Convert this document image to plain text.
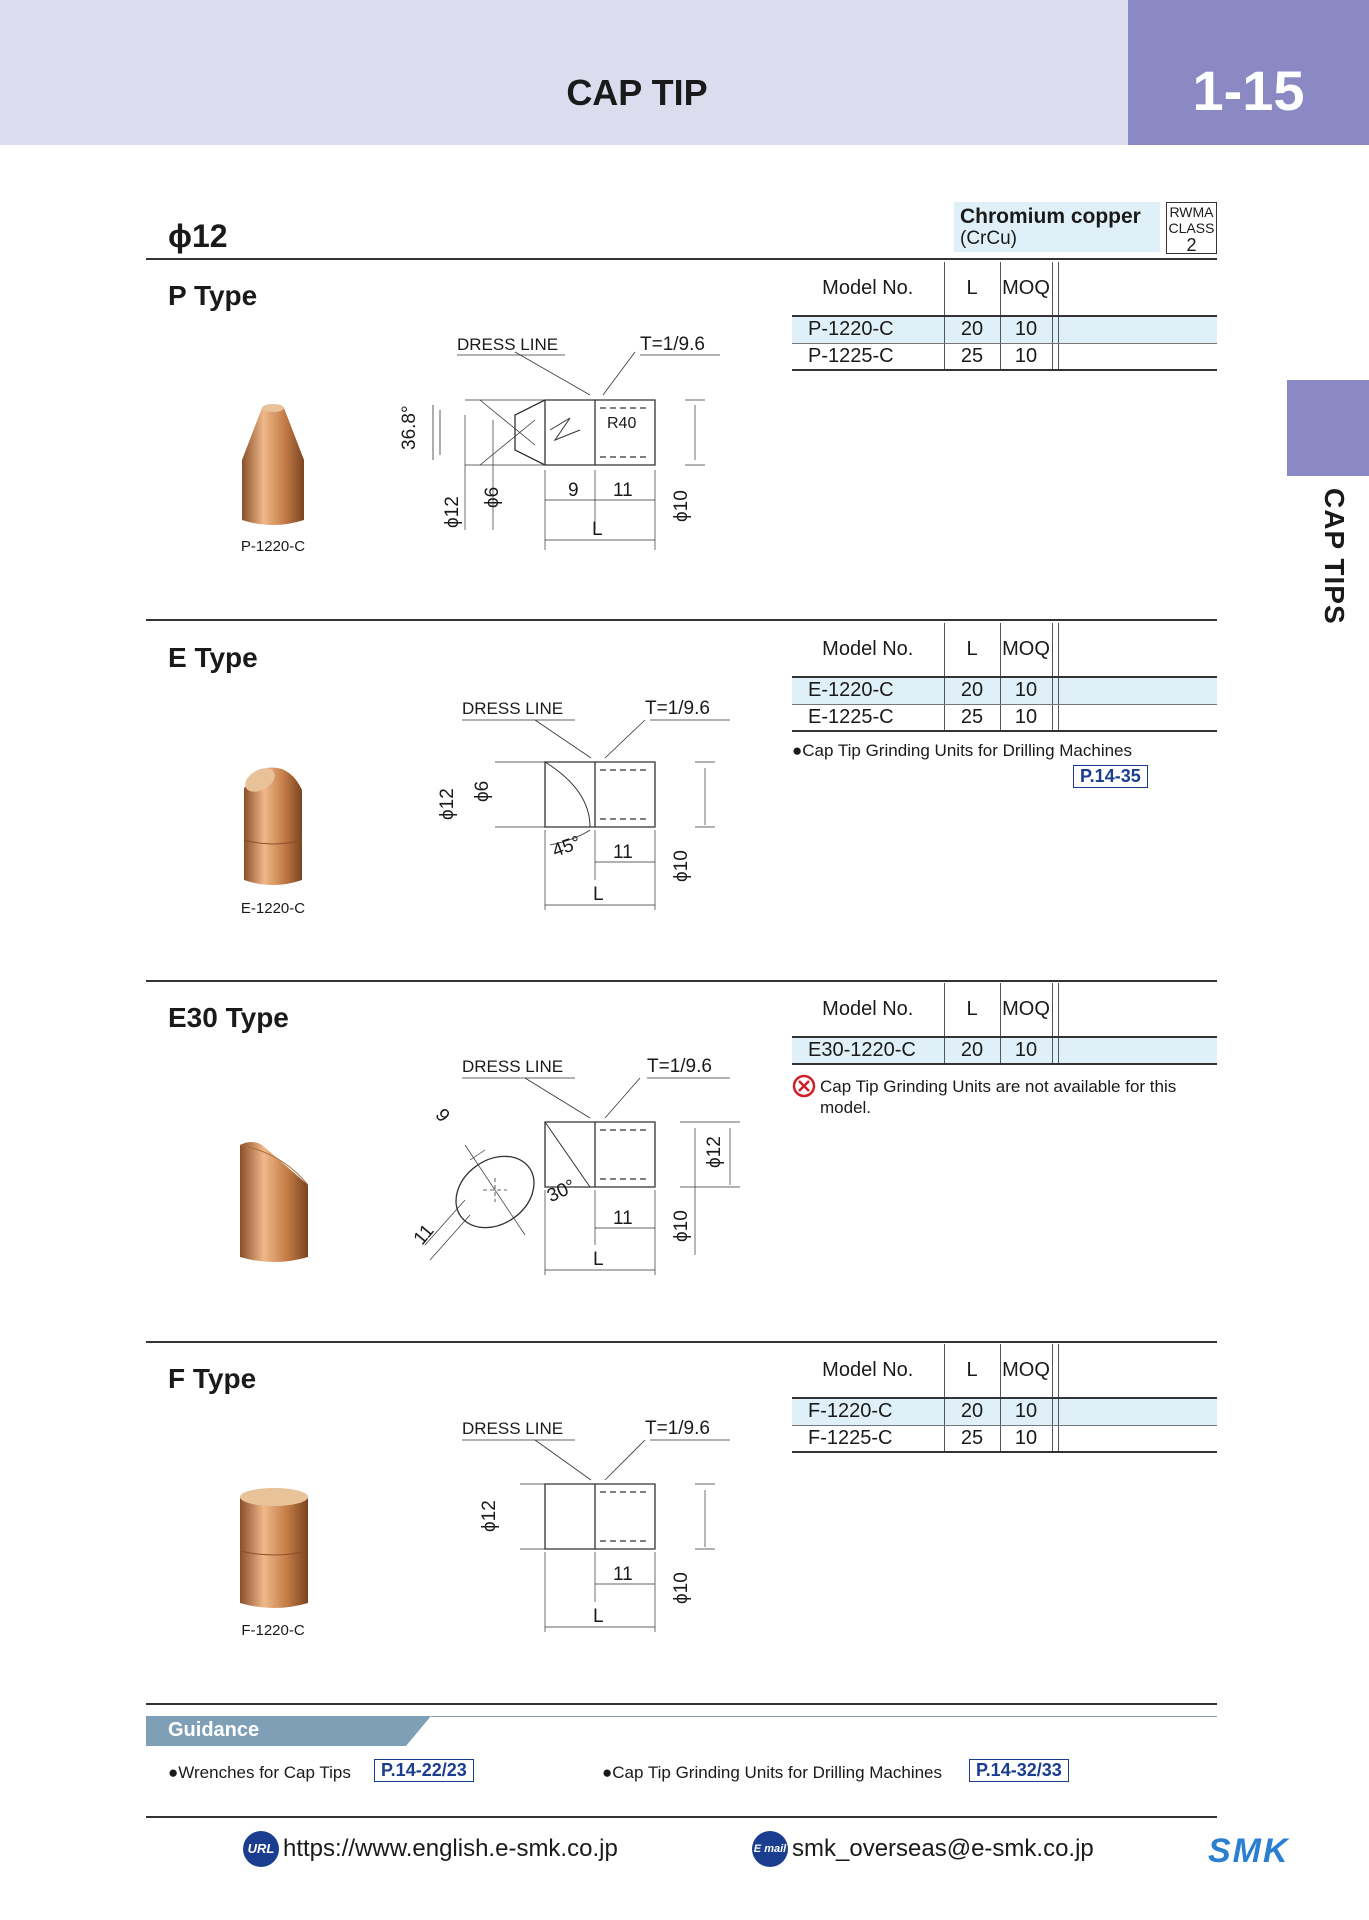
CAP TIP	1-15
CAP TIPS
ϕ12
Chromium copper
(CrCu)
RWMA
CLASS
2
P Type	Model No.	L	MOQ		
P-1220-C	20	10		
P-1225-C	25	10		
P-1220-C
DRESS LINE	T=1/9.6
R40
9 11
L
36.8°
ϕ12 ϕ6	ϕ10
E Type	Model No.	L	MOQ		
E-1220-C	20	10		
E-1225-C	25	10		
●Cap Tip Grinding Units for Drilling Machines
P.14-35
E-1220-C
DRESS LINE	T=1/9.6
45° 11
L
ϕ12 ϕ6
ϕ10
E30 Type	Model No.	L	MOQ		
E30-1220-C	20	10		
Cap Tip Grinding Units are not available for this model.
DRESS LINE	T=1/9.6
30°
11
L
9
11
ϕ12
ϕ10
F Type	Model No.	L	MOQ		
F-1220-C	20	10		
F-1225-C	25	10		
F-1220-C
DRESS LINE	T=1/9.6
11
L
ϕ12
ϕ10
Guidance
●Wrenches for Cap Tips	P.14-22/23	●Cap Tip Grinding Units for Drilling Machines	P.14-32/33
URL https://www.english.e-smk.co.jp	E mail smk_overseas@e-smk.co.jp	SMK
